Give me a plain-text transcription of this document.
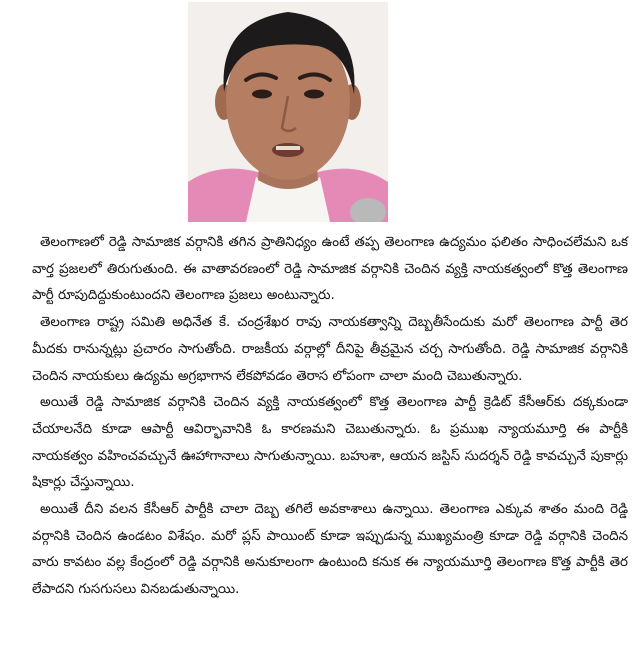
తెలంగాణలో రెడ్డి సామాజిక వర్గానికి తగిన ప్రాతినిధ్యం ఉంటే తప్ప తెలంగాణ ఉద్యమం ఫలితం సాధించలేమని ఒక వార్త ప్రజలలో తిరుగుతుంది. ఈ వాతావరణంలో రెడ్డి సామాజిక వర్గానికి చెందిన వ్యక్తి నాయకత్వంలో కొత్త తెలంగాణ పార్టీ రూపుదిద్దుకుంటుందని తెలంగాణ ప్రజలు అంటున్నారు.

తెలంగాణ రాష్ట్ర సమితి అధినేత కే. చంద్రశేఖర రావు నాయకత్వాన్ని దెబ్బతీసేందుకు మరో తెలంగాణ పార్టీ తెర మీదకు రానున్నట్లు ప్రచారం సాగుతోంది. రాజకీయ వర్గాల్లో దీనిపై తీవ్రమైన చర్చ సాగుతోంది. రెడ్డి సామాజిక వర్గానికి చెందిన నాయకులు ఉద్యమ అగ్రభాగాన లేకపోవడం తెరాస లోపంగా చాలా మంది చెబుతున్నారు.

అయితే రెడ్డి సామాజిక వర్గానికి చెందిన వ్యక్తి నాయకత్వంలో కొత్త తెలంగాణ పార్టీ క్రెడిట్ కేసీఆర్‌కు దక్కకుండా చేయాలనేది కూడా ఆపార్టీ ఆవిర్భావానికి ఓ కారణమని చెబుతున్నారు. ఓ ప్రముఖ న్యాయమూర్తి ఈ పార్టీకి నాయకత్వం వహించవచ్చునే ఊహాగానాలు సాగుతున్నాయి. బహుశా, ఆయన జస్టిస్ సుదర్శన్ రెడ్డి కావచ్చునే పుకార్లు షికార్లు చేస్తున్నాయి.

అయితే దీని వలన కేసీఆర్ పార్టీకి చాలా దెబ్బ తగిలే అవకాశాలు ఉన్నాయి. తెలంగాణ ఎక్కువ శాతం మంది రెడ్డి వర్గానికి చెందిన ఉండటం విశేషం. మరో ప్లస్ పాయింట్ కూడా ఇప్పుడున్న ముఖ్యమంత్రి కూడా రెడ్డి వర్గానికి చెందిన వారు కావటం వల్ల కేంద్రంలో రెడ్డి వర్గానికి అనుకూలంగా ఉంటుంది కనుక ఈ న్యాయమూర్తి తెలంగాణ కొత్త పార్టీకి తెర లేపాదని గుసగుసలు వినబడుతున్నాయి.
